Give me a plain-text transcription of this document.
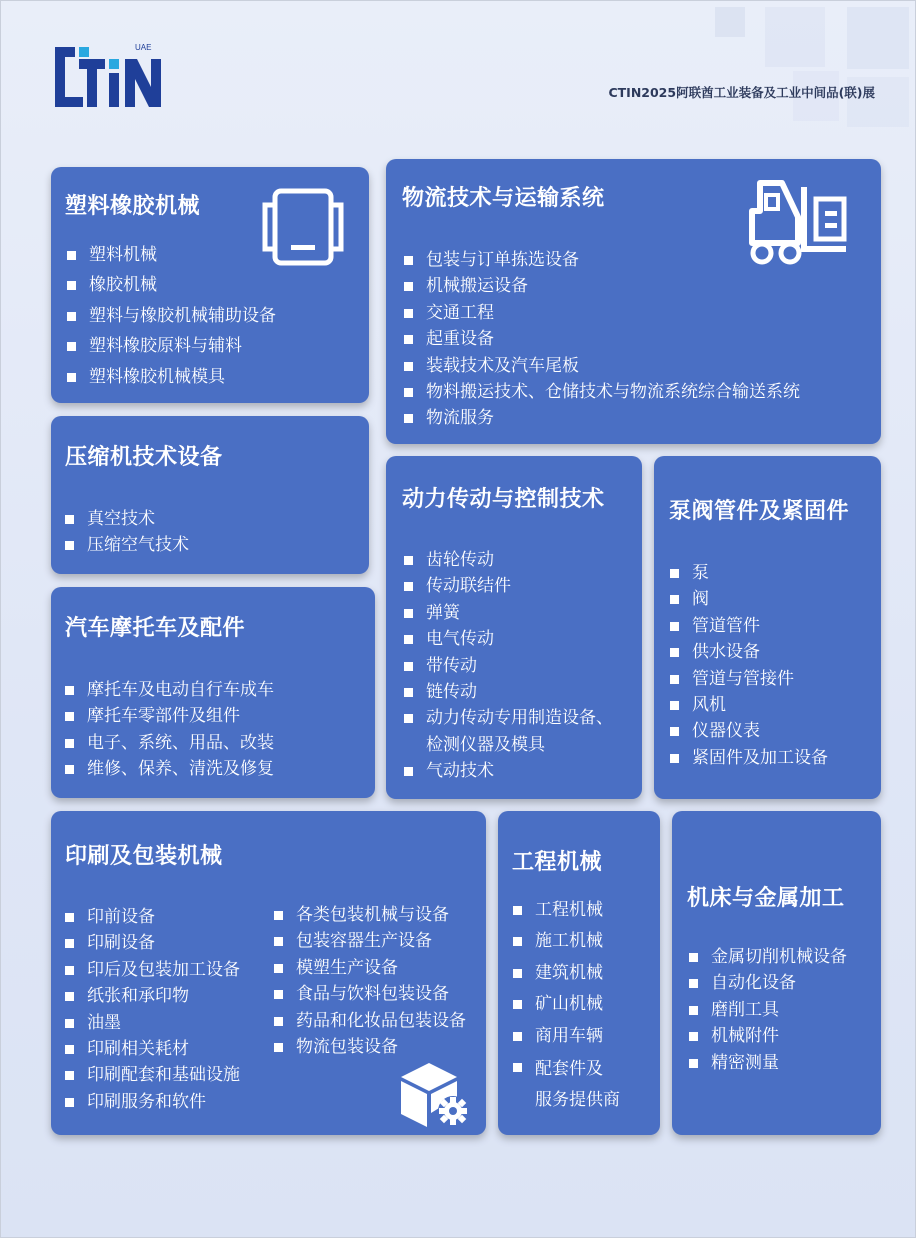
UAE
CTIN2025阿联酋工业装备及工业中间品(联)展
塑料橡胶机械
塑料机械
橡胶机械
塑料与橡胶机械辅助设备
塑料橡胶原料与辅料
塑料橡胶机械模具
物流技术与运输系统
包装与订单拣选设备
机械搬运设备
交通工程
起重设备
装载技术及汽车尾板
物料搬运技术、仓储技术与物流系统综合输送系统
物流服务
压缩机技术设备
真空技术
压缩空气技术
动力传动与控制技术
齿轮传动
传动联结件
弹簧
电气传动
带传动
链传动
动力传动专用制造设备、
检测仪器及模具
气动技术
泵阀管件及紧固件
泵
阀
管道管件
供水设备
管道与管接件
风机
仪器仪表
紧固件及加工设备
汽车摩托车及配件
摩托车及电动自行车成车
摩托车零部件及组件
电子、系统、用品、改装
维修、保养、清洗及修复
印刷及包装机械
印前设备
印刷设备
印后及包装加工设备
纸张和承印物
油墨
印刷相关耗材
印刷配套和基础设施
印刷服务和软件
各类包装机械与设备
包装容器生产设备
模塑生产设备
食品与饮料包装设备
药品和化妆品包装设备
物流包装设备
工程机械
工程机械
施工机械
建筑机械
矿山机械
商用车辆
配套件及
服务提供商
机床与金属加工
金属切削机械设备
自动化设备
磨削工具
机械附件
精密测量
